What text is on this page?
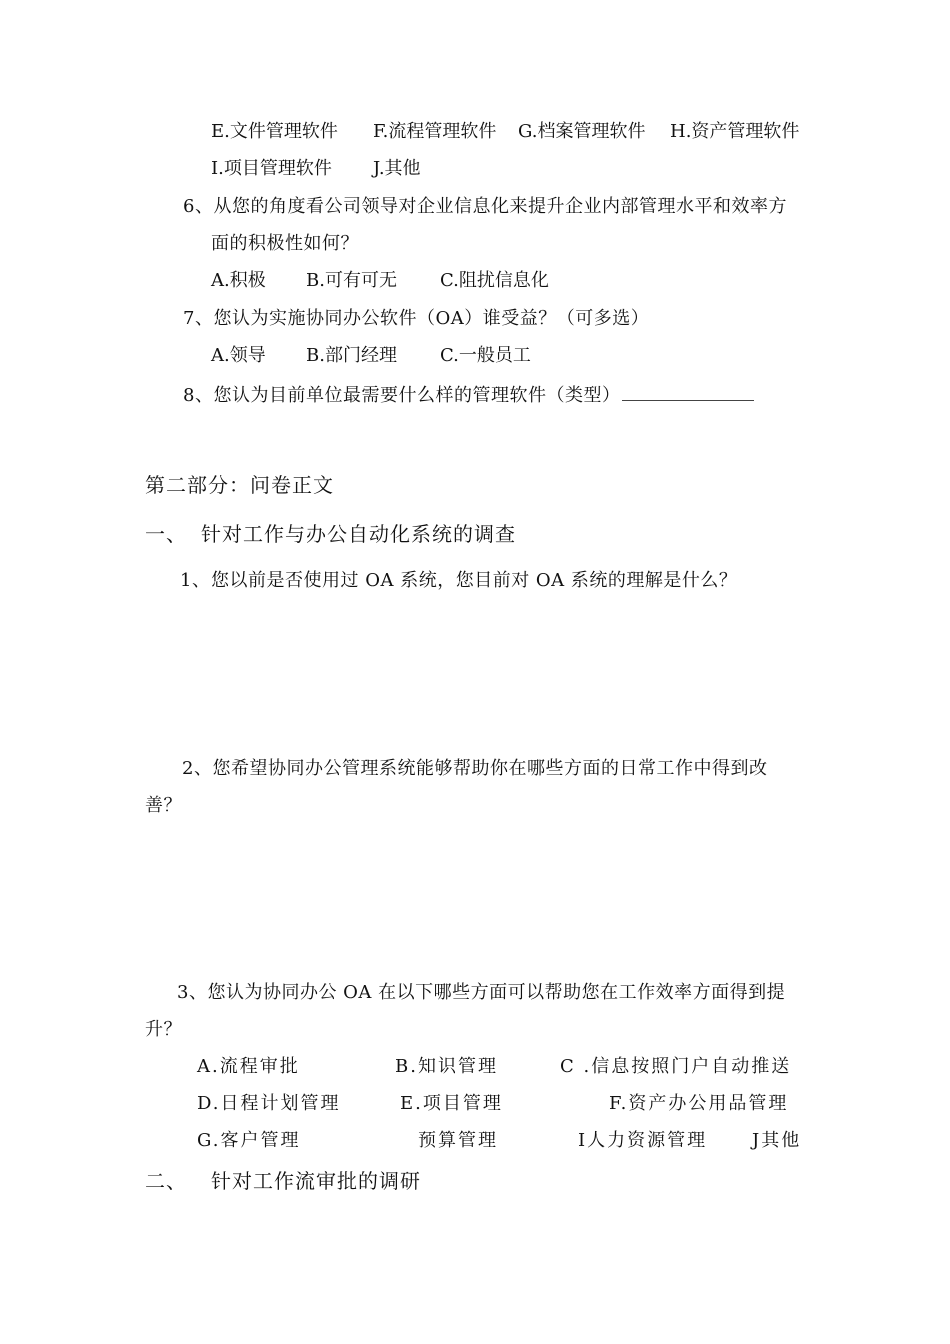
E.文件管理软件 F.流程管理软件 G.档案管理软件 H.资产管理软件
I.项目管理软件 J.其他
6、从您的角度看公司领导对企业信息化来提升企业内部管理水平和效率方
面的积极性如何？
A.积极 B.可有可无 C.阻扰信息化
7、您认为实施协同办公软件（OA）谁受益？（可多选）
A.领导 B.部门经理 C.一般员工
8、您认为目前单位最需要什么样的管理软件（类型）
第二部分：问卷正文
一、 针对工作与办公自动化系统的调查
1、 您以前是否使用过 OA 系统，您目前对 OA 系统的理解是什么？
2、您希望协同办公管理系统能够帮助你在哪些方面的日常工作中得到改
善？
3、您认为协同办公 OA 在以下哪些方面可以帮助您在工作效率方面得到提
升？
A.流程审批	B.知识管理	C .信息按照门户自动推送
D.日程计划管理	E.项目管理	F.资产办公用品管理
G.客户管理	预算管理	I人力资源管理 J其他
二、 针对工作流审批的调研
